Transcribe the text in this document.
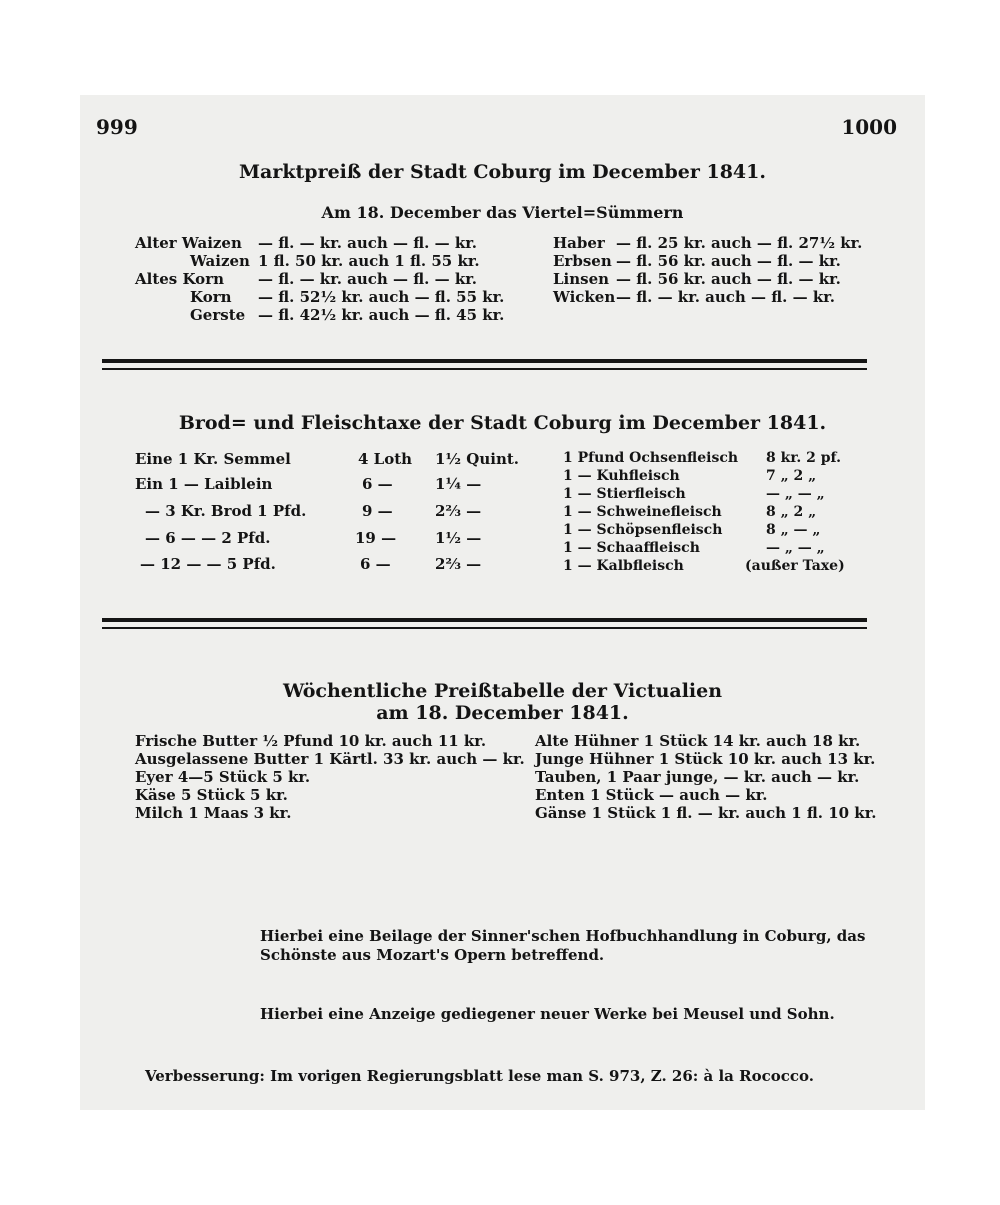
999	1000
Marktpreiß der Stadt Coburg im December 1841.
Am 18. December das Viertel=Sümmern
Alter Waizen — fl. — kr. auch — fl. — kr.
Waizen 1 fl. 50 kr. auch 1 fl. 55 kr.
Altes Korn — fl. — kr. auch — fl. — kr.
Korn — fl. 52½ kr. auch — fl. 55 kr.
Gerste — fl. 42½ kr. auch — fl. 45 kr.
Haber — fl. 25 kr. auch — fl. 27½ kr.
Erbsen — fl. 56 kr. auch — fl. — kr.
Linsen — fl. 56 kr. auch — fl. — kr.
Wicken — fl. — kr. auch — fl. — kr.
Brod= und Fleischtaxe der Stadt Coburg im December 1841.
Eine 1 Kr. Semmel	4 Loth 1½ Quint.
Ein 1 — Laiblein	6 —	1¼ —
— 3 Kr. Brod 1 Pfd.	9 —	2⅔ —
— 6 — — 2 Pfd.	19 —	1½ —
— 12 — — 5 Pfd.	6 —	2⅔ —
1 Pfund Ochsenfleisch 8 kr. 2 pf.
1 — Kuhfleisch	7 „ 2 „
1 — Stierfleisch	— „ — „
1 — Schweinefleisch	8 „ 2 „
1 — Schöpsenfleisch	8 „ — „
1 — Schaaffleisch	— „ — „
1 — Kalbfleisch	(außer Taxe)
Wöchentliche Preißtabelle der Victualien
am 18. December 1841.
Frische Butter ½ Pfund 10 kr. auch 11 kr.
Ausgelassene Butter 1 Kärtl. 33 kr. auch — kr.
Eyer 4—5 Stück 5 kr.
Käse 5 Stück 5 kr.
Milch 1 Maas 3 kr.
Alte Hühner 1 Stück 14 kr. auch 18 kr.
Junge Hühner 1 Stück 10 kr. auch 13 kr.
Tauben, 1 Paar junge, — kr. auch — kr.
Enten 1 Stück — auch — kr.
Gänse 1 Stück 1 fl. — kr. auch 1 fl. 10 kr.
Hierbei eine Beilage der Sinner'schen Hofbuchhandlung in Coburg, das
Schönste aus Mozart's Opern betreffend.
Hierbei eine Anzeige gediegener neuer Werke bei Meusel und Sohn.
Verbesserung: Im vorigen Regierungsblatt lese man S. 973, Z. 26: à la Rococco.
